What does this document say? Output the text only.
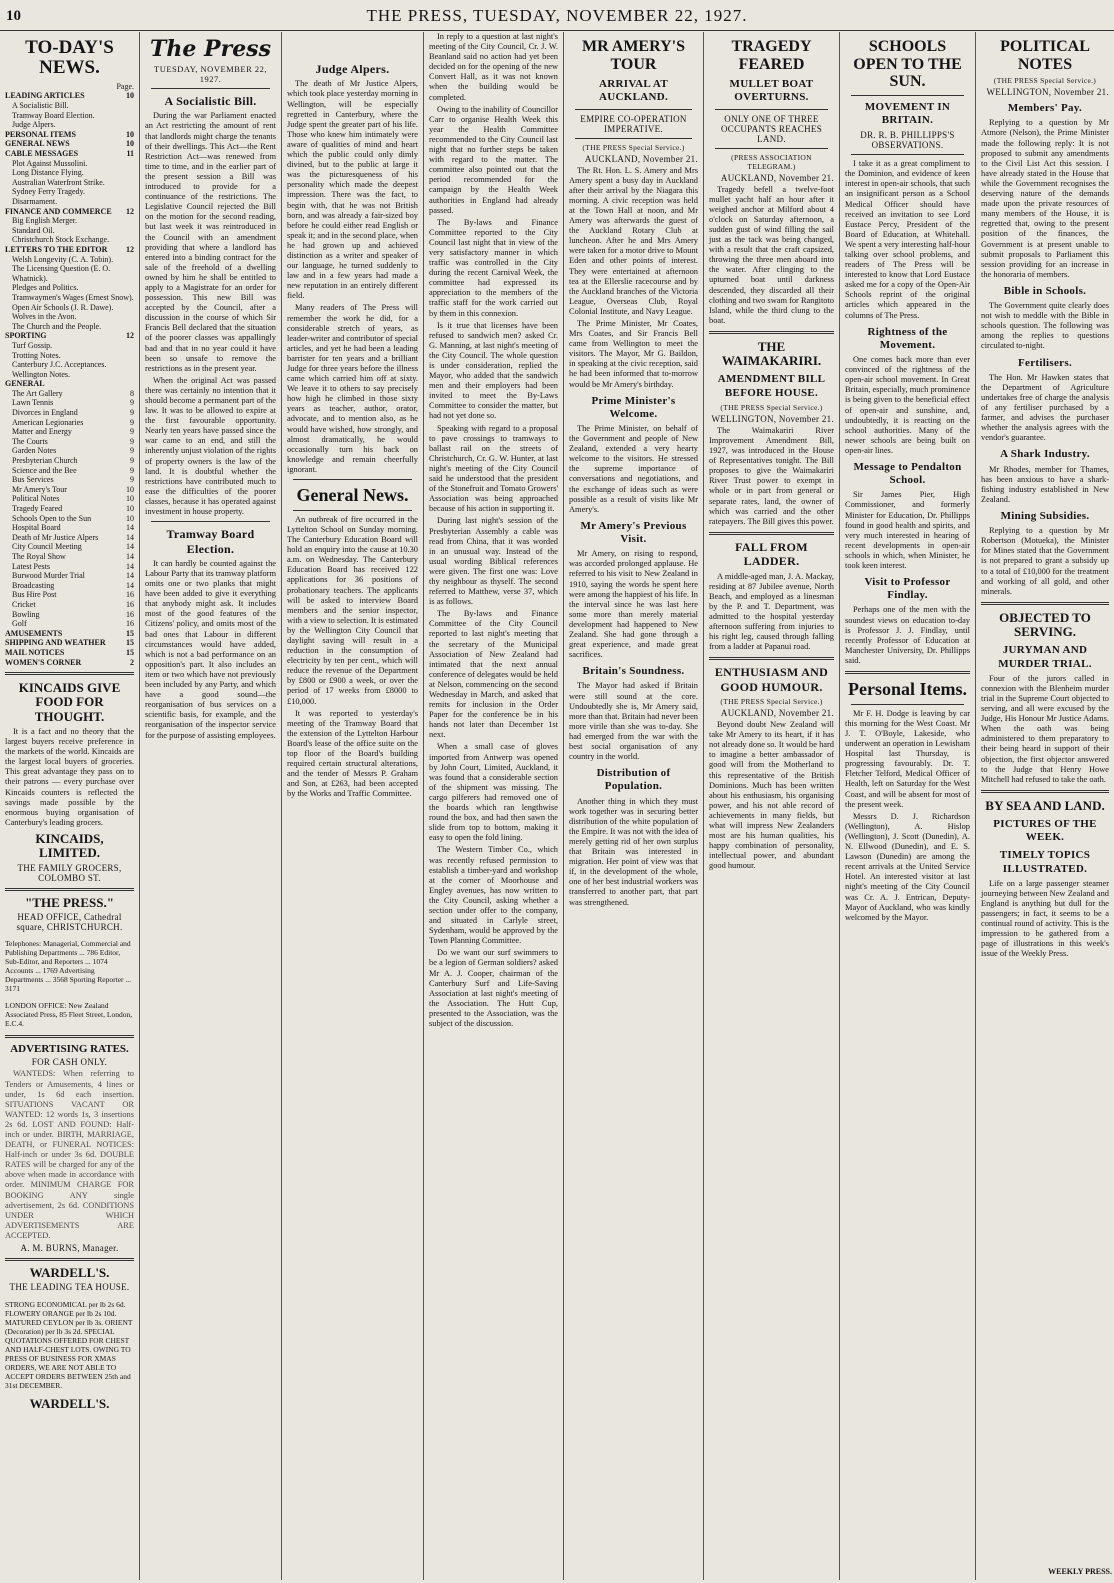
10	THE PRESS, TUESDAY, NOVEMBER 22, 1927.
TO-DAY'S NEWS.
Page.
LEADING ARTICLES	10
A Socialistic Bill.
Tramway Board Election.
Judge Alpers.
PERSONAL ITEMS	10
GENERAL NEWS	10
CABLE MESSAGES	11
Plot Against Mussolini.
Long Distance Flying.
Australian Waterfront Strike.
Sydney Ferry Tragedy.
Disarmament.
FINANCE AND COMMERCE 12
Big English Merger.
Standard Oil.
Christchurch Stock Exchange.
LETTERS TO THE EDITOR 12
Welsh Longevity (C. A. Tobin).
The Licensing Question (E. O. Whatnick).
Pledges and Politics.
Tramwaymen's Wages (Ernest Snow).
Open Air Schools (J. R. Dawe).
Wolves in the Avon.
The Church and the People.
SPORTING	12
Turf Gossip.
Trotting Notes.
Canterbury J.C. Acceptances.
Wellington Notes.
GENERAL
The Art Gallery	8
Lawn Tennis	9
Divorces in England	9
American Legionaries	9
Matter and Energy	9
The Courts	9
Garden Notes	9
Presbyterian Church	9
Science and the Bee	9
Bus Services	9
Mr Amery's Tour	10
Political Notes	10
Tragedy Feared	10
Schools Open to the Sun	10
Hospital Board	14
Death of Mr Justice Alpers	14
City Council Meeting	14
The Royal Show	14
Latest Pests	14
Burwood Murder Trial	14
Broadcasting	14
Bus Hire Post	16
Cricket	16
Bowling	16
Golf	16
AMUSEMENTS	15
SHIPPING AND WEATHER	15
MAIL NOTICES	15
WOMEN'S CORNER	2
KINCAIDS GIVE FOOD FOR THOUGHT.

It is a fact and no theory that the largest buyers receive preference in the markets of the world. Kincaids are the largest local buyers of groceries. This great advantage they pass on to their patrons — every purchase over Kincaids counters is reflected the savings made possible by the enormous buying organisation of Canterbury's leading grocers.

KINCAIDS, LIMITED.
THE FAMILY GROCERS, COLOMBO ST.
"THE PRESS."
HEAD OFFICE, Cathedral square, CHRISTCHURCH.

Telephones: Managerial, Commercial and Publishing Departments ... 786 Editor, Sub-Editor, and Reporters ... 1074 Accounts ... 1769 Advertising Departments ... 3568 Sporting Reporter ... 3171

LONDON OFFICE: New Zealand Associated Press, 85 Fleet Street, London, E.C.4.

ADVERTISING RATES.
FOR CASH ONLY.

WANTEDS: When referring to Tenders or Amusements, 4 lines or under, 1s 6d each insertion. SITUATIONS VACANT OR WANTED: 12 words 1s, 3 insertions 2s 6d. LOST AND FOUND: Half-inch or under. BIRTH, MARRIAGE, DEATH, or FUNERAL NOTICES: Half-inch or under 3s 6d. DOUBLE RATES will be charged for any of the above when made in accordance with order. MINIMUM CHARGE FOR BOOKING ANY single advertisement, 2s 6d. CONDITIONS UNDER WHICH ADVERTISEMENTS ARE ACCEPTED.

A. M. BURNS, Manager.
WARDELL'S.
THE LEADING TEA HOUSE.

STRONG ECONOMICAL per lb 2s 6d. FLOWERY ORANGE per lb 2s 10d. MATURED CEYLON per lb 3s. ORIENT (Decoration) per lb 3s 2d. SPECIAL QUOTATIONS OFFERED FOR CHEST AND HALF-CHEST LOTS. OWING TO PRESS OF BUSINESS FOR XMAS ORDERS, WE ARE NOT ABLE TO ACCEPT ORDERS BETWEEN 25th and 31st DECEMBER.

WARDELL'S.
The Press
TUESDAY, NOVEMBER 22, 1927.
A Socialistic Bill.

During the war Parliament enacted an Act restricting the amount of rent that landlords might charge the tenants of their dwellings. This Act—the Rent Restriction Act—was renewed from time to time, and in the earlier part of the present session a Bill was introduced to provide for a continuance of the restrictions. The Legislative Council rejected the Bill on the motion for the second reading, but last week it was reintroduced in the Council with an amendment providing that where a landlord has entered into a binding contract for the sale of the freehold of a dwelling owned by him he shall be entitled to apply to a Magistrate for an order for possession. This new Bill was accepted by the Council, after a discussion in the course of which Sir Francis Bell declared that the situation of the poorer classes was appallingly bad and that in no year could it have been so unsafe to remove the restrictions as in the present year.

When the original Act was passed there was certainly no intention that it should become a permanent part of the law. It was to be allowed to expire at the first favourable opportunity. Nearly ten years have passed since the war came to an end, and still the inherently unjust violation of the rights of property owners is the law of the land. It is doubtful whether the restrictions have contributed much to ease the difficulties of the poorer classes, because it has operated against investment in house property.

Tramway Board Election.

It can hardly be counted against the Labour Party that its tramway platform omits one or two planks that might have been added to give it everything that anybody might ask. It includes most of the good features of the Citizens' policy, and omits most of the bad ones that Labour in different circumstances would have added, which is not a bad performance on an opposition's part. It also includes an item or two which have not previously been included by any Party, and which have a good sound—the reorganisation of bus services on a scientific basis, for example, and the reorganisation of the inspector service for the purpose of assisting employees.

Judge Alpers.

The death of Mr Justice Alpers, which took place yesterday morning in Wellington, will be especially regretted in Canterbury, where the Judge spent the greater part of his life. Those who knew him intimately were aware of qualities of mind and heart which the public could only dimly divined, but to the public at large it was the picturesqueness of his personality which made the deepest impression. There was the fact, to begin with, that he was not British born, and was already a fair-sized boy before he could either read English or speak it; and in the second place, when he had grown up and achieved distinction as a writer and speaker of our language, he turned suddenly to law and in a few years had made a new reputation in an entirely different field.

Many readers of The Press will remember the work he did, for a considerable stretch of years, as leader-writer and contributor of special articles, and yet he had been a leading barrister for ten years and a brilliant Judge for three years before the illness came which carried him off at sixty. We leave it to others to say precisely how high he climbed in those sixty years as teacher, author, orator, advocate, and to mention also, as he would have wished, how strongly, and almost dramatically, he would occasionally turn his back on knowledge and remain cheerfully ignorant.

General News.

An outbreak of fire occurred in the Lyttelton School on Sunday morning. The Canterbury Education Board will hold an enquiry into the cause at 10.30 a.m. on Wednesday. The Canterbury Education Board has received 122 applications for 36 positions of probationary teachers. The applicants will be asked to interview Board members and the senior inspector, with a view to selection. It is estimated by the Wellington City Council that daylight saving will result in a reduction in the consumption of electricity by ten per cent., which will reduce the revenue of the Department by £800 or £900 a week, or over the period of 17 weeks from £8000 to £10,000.

It was reported to yesterday's meeting of the Tramway Board that the extension of the Lyttelton Harbour Board's lease of the office suite on the top floor of the Board's building required certain structural alterations, and the tender of Messrs P. Graham and Son, at £263, had been accepted by the Works and Traffic Committee.

In reply to a question at last night's meeting of the City Council, Cr. J. W. Beanland said no action had yet been decided on for the opening of the new Convert Hall, as it was not known when the building would be completed.

Owing to the inability of Councillor Carr to organise Health Week this year the Health Committee recommended to the City Council last night that no further steps be taken with regard to the matter. The committee also pointed out that the period recommended for the campaign by the Health Week authorities in England had already passed.

The By-laws and Finance Committee reported to the City Council last night that in view of the very satisfactory manner in which traffic was controlled in the City during the recent Carnival Week, the committee had expressed its appreciation to the members of the traffic staff for the work carried out by them in this connexion.

Is it true that licenses have been refused to sandwich men? asked Cr. G. Manning, at last night's meeting of the City Council. The whole question is under consideration, replied the Mayor, who added that the sandwich men and their employers had been invited to meet the By-Laws Committee to consider the matter, but had not yet done so.

Speaking with regard to a proposal to pave crossings to tramways to ballast rail on the streets of Christchurch, Cr. G. W. Hunter, at last night's meeting of the City Council said he understood that the president of the Stonefruit and Tomato Growers' Association was being approached because of his action in supporting it.

During last night's session of the Presbyterian Assembly a cable was read from China, that it was worded in an unusual way. Instead of the usual wording Biblical references were given. The first one was: Love thy neighbour as thyself. The second referred to Matthew, verse 37, which is as follows.

The By-laws and Finance Committee of the City Council reported to last night's meeting that the secretary of the Municipal Association of New Zealand had intimated that the next annual conference of delegates would be held at Nelson, commencing on the second Wednesday in March, and asked that remits for inclusion in the Order Paper for the conference be in his hands not later than December 1st next.

When a small case of gloves imported from Antwerp was opened by John Court, Limited, Auckland, it was found that a considerable section of the shipment was missing. The cargo pilferers had removed one of the boards which ran lengthwise round the box, and had then sawn the slide from top to bottom, making it easy to open the fold lining.

The Western Timber Co., which was recently refused permission to establish a timber-yard and workshop at the corner of Moorhouse and Engley avenues, has now written to the City Council, asking whether a section under offer to the company, and situated in Carlyle street, Sydenham, would be approved by the Town Planning Committee.

Do we want our surf swimmers to be a legion of German soldiers? asked Mr A. J. Cooper, chairman of the Canterbury Surf and Life-Saving Association at last night's meeting of the Association. The Hutt Cup, presented to the Association, was the subject of the discussion.

MR AMERY'S TOUR
ARRIVAL AT AUCKLAND.
EMPIRE CO-OPERATION IMPERATIVE.
(THE PRESS Special Service.)
AUCKLAND, November 21.

The Rt. Hon. L. S. Amery and Mrs Amery spent a busy day in Auckland after their arrival by the Niagara this morning. A civic reception was held at the Town Hall at noon, and Mr Amery was afterwards the guest of the Auckland Rotary Club at luncheon. After he and Mrs Amery were taken for a motor drive to Mount Eden and other points of interest. They were entertained at afternoon tea at the Ellerslie racecourse and by the Auckland branches of the Victoria League, Overseas Club, Royal Colonial Institute, and Navy League.

The Prime Minister, Mr Coates, Mrs Coates, and Sir Francis Bell came from Wellington to meet the visitors. The Mayor, Mr G. Baildon, in speaking at the civic reception, said he had been informed that to-morrow would be Mr Amery's birthday.

Prime Minister's Welcome.

The Prime Minister, on behalf of the Government and people of New Zealand, extended a very hearty welcome to the visitors. He stressed the supreme importance of conversations and negotiations, and the exchange of ideas such as were possible as a result of visits like Mr Amery's.

Mr Amery's Previous Visit.

Mr Amery, on rising to respond, was accorded prolonged applause. He referred to his visit to New Zealand in 1910, saying the words he spent here were among the happiest of his life. In the interval since he was last here some more than merely material development had happened to New Zealand. She had gone through a great experience, and made great sacrifices.

Britain's Soundness.

The Mayor had asked if Britain were still sound at the core. Undoubtedly she is, Mr Amery said, more than that. Britain had never been more virile than she was to-day. She had emerged from the war with the best social organisation of any country in the world.

Distribution of Population.

Another thing in which they must work together was in securing better distribution of the white population of the Empire. It was not with the idea of merely getting rid of her own surplus that Britain was interested in migration. Her point of view was that if, in the development of the whole, one of her best industrial workers was transferred to another part, that part was strengthened.

TRAGEDY FEARED
MULLET BOAT OVERTURNS.
ONLY ONE OF THREE OCCUPANTS REACHES LAND.
(PRESS ASSOCIATION TELEGRAM.)
AUCKLAND, November 21.

Tragedy befell a twelve-foot mullet yacht half an hour after it weighed anchor at Milford about 4 o'clock on Saturday afternoon, a sudden gust of wind filling the sail just as the tack was being changed, with a result that the craft capsized, throwing the three men aboard into the water. After clinging to the upturned boat until darkness descended, they discarded all their clothing and two swam for Rangitoto Island, while the third clung to the boat.

THE WAIMAKARIRI.
AMENDMENT BILL BEFORE HOUSE.
(THE PRESS Special Service.)
WELLINGTON, November 21.

The Waimakariri River Improvement Amendment Bill, 1927, was introduced in the House of Representatives tonight. The Bill proposes to give the Waimakariri River Trust power to exempt in whole or in part from general or separate rates, land, the owner of which was carried and the other ratepayers. The Bill gives this power.

FALL FROM LADDER.

A middle-aged man, J. A. Mackay, residing at 87 Jubilee avenue, North Beach, and employed as a linesman by the P. and T. Department, was admitted to the hospital yesterday afternoon suffering from injuries to his right leg, caused through falling from a ladder at Papanui road.

ENTHUSIASM AND GOOD HUMOUR.
(THE PRESS Special Service.)
AUCKLAND, November 21.

Beyond doubt New Zealand will take Mr Amery to its heart, if it has not already done so. It would be hard to imagine a better ambassador of good will from the Motherland to this representative of the British Dominions. Much has been written about his enthusiasm, his organising power, and his not able record of achievements in many fields, but what will impress New Zealanders most are his human qualities, his happy combination of personality, intellectual power, and abundant good humour.

SCHOOLS OPEN TO THE SUN.
MOVEMENT IN BRITAIN.
DR. R. B. PHILLIPPS'S OBSERVATIONS.

I take it as a great compliment to the Dominion, and evidence of keen interest in open-air schools, that such an insignificant person as a School Medical Officer should have received an invitation to see Lord Eustace Percy, President of the Board of Education, at Whitehall. We spent a very interesting half-hour talking over school problems, and readers of The Press will be interested to know that Lord Eustace asked me for a copy of the Open-Air Schools reprint of the original articles which appeared in the columns of The Press.

Rightness of the Movement.

One comes back more than ever convinced of the rightness of the open-air school movement. In Great Britain, especially, much prominence is being given to the beneficial effect of open-air and sunshine, and, undoubtedly, it is reacting on the school authorities. Many of the newer schools are being built on open-air lines.

Message to Pendalton School.

Sir James Pier, High Commissioner, and formerly Minister for Education, Dr. Phillipps found in good health and spirits, and very much interested in hearing of recent developments in open-air schools in which, when Minister, he took keen interest.

Visit to Professor Findlay.

Perhaps one of the men with the soundest views on education to-day is Professor J. J. Findlay, until recently Professor of Education at Manchester University, Dr. Phillipps said.

Personal Items.

Mr F. H. Dodge is leaving by car this morning for the West Coast. Mr J. T. O'Boyle, Lakeside, who underwent an operation in Lewisham Hospital last Thursday, is progressing favourably. Dr. T. Fletcher Telford, Medical Officer of Health, left on Saturday for the West Coast, and will be absent for most of the present week.

Messrs D. J. Richardson (Wellington), A. Hislop (Wellington), J. Scott (Dunedin), A. N. Ellwood (Dunedin), and E. S. Lawson (Dunedin) are among the recent arrivals at the United Service Hotel. An interested visitor at last night's meeting of the City Council was Cr. A. J. Entrican, Deputy-Mayor of Auckland, who was kindly welcomed by the Mayor.

POLITICAL NOTES
(THE PRESS Special Service.)
WELLINGTON, November 21.
Members' Pay.

Replying to a question by Mr Atmore (Nelson), the Prime Minister made the following reply: It is not proposed to submit any amendments to the Civil List Act this session. I have already stated in the House that while the Government recognises the deserving nature of the demands made upon the private resources of many members of the House, it is regretted that, owing to the present position of the finances, the Government is at present unable to submit proposals to Parliament this session providing for an increase in the honoraria of members.

Bible in Schools.

The Government quite clearly does not wish to meddle with the Bible in schools question. The following was among the replies to questions circulated to-night.

Fertilisers.

The Hon. Mr Hawken states that the Department of Agriculture undertakes free of charge the analysis of any fertiliser purchased by a farmer, and advises the purchaser whether the analysis agrees with the vendor's guarantee.

A Shark Industry.

Mr Rhodes, member for Thames, has been anxious to have a shark-fishing industry established in New Zealand.

Mining Subsidies.

Replying to a question by Mr Robertson (Motueka), the Minister for Mines stated that the Government is not prepared to grant a subsidy up to a total of £10,000 for the treatment and working of all gold, and other minerals.

OBJECTED TO SERVING.
JURYMAN AND MURDER TRIAL.

Four of the jurors called in connexion with the Blenheim murder trial in the Supreme Court objected to serving, and all were excused by the Judge, His Honour Mr Justice Adams. When the oath was being administered to them preparatory to their being heard in support of their objection, the first objector answered to the Judge that Henry Howe Mitchell had refused to take the oath.

BY SEA AND LAND.
PICTURES OF THE WEEK.
TIMELY TOPICS ILLUSTRATED.

Life on a large passenger steamer journeying between New Zealand and England is anything but dull for the passengers; in fact, it seems to be a continual round of activity. This is the impression to be gathered from a page of illustrations in this week's issue of the Weekly Press.

WEEKLY PRESS.
